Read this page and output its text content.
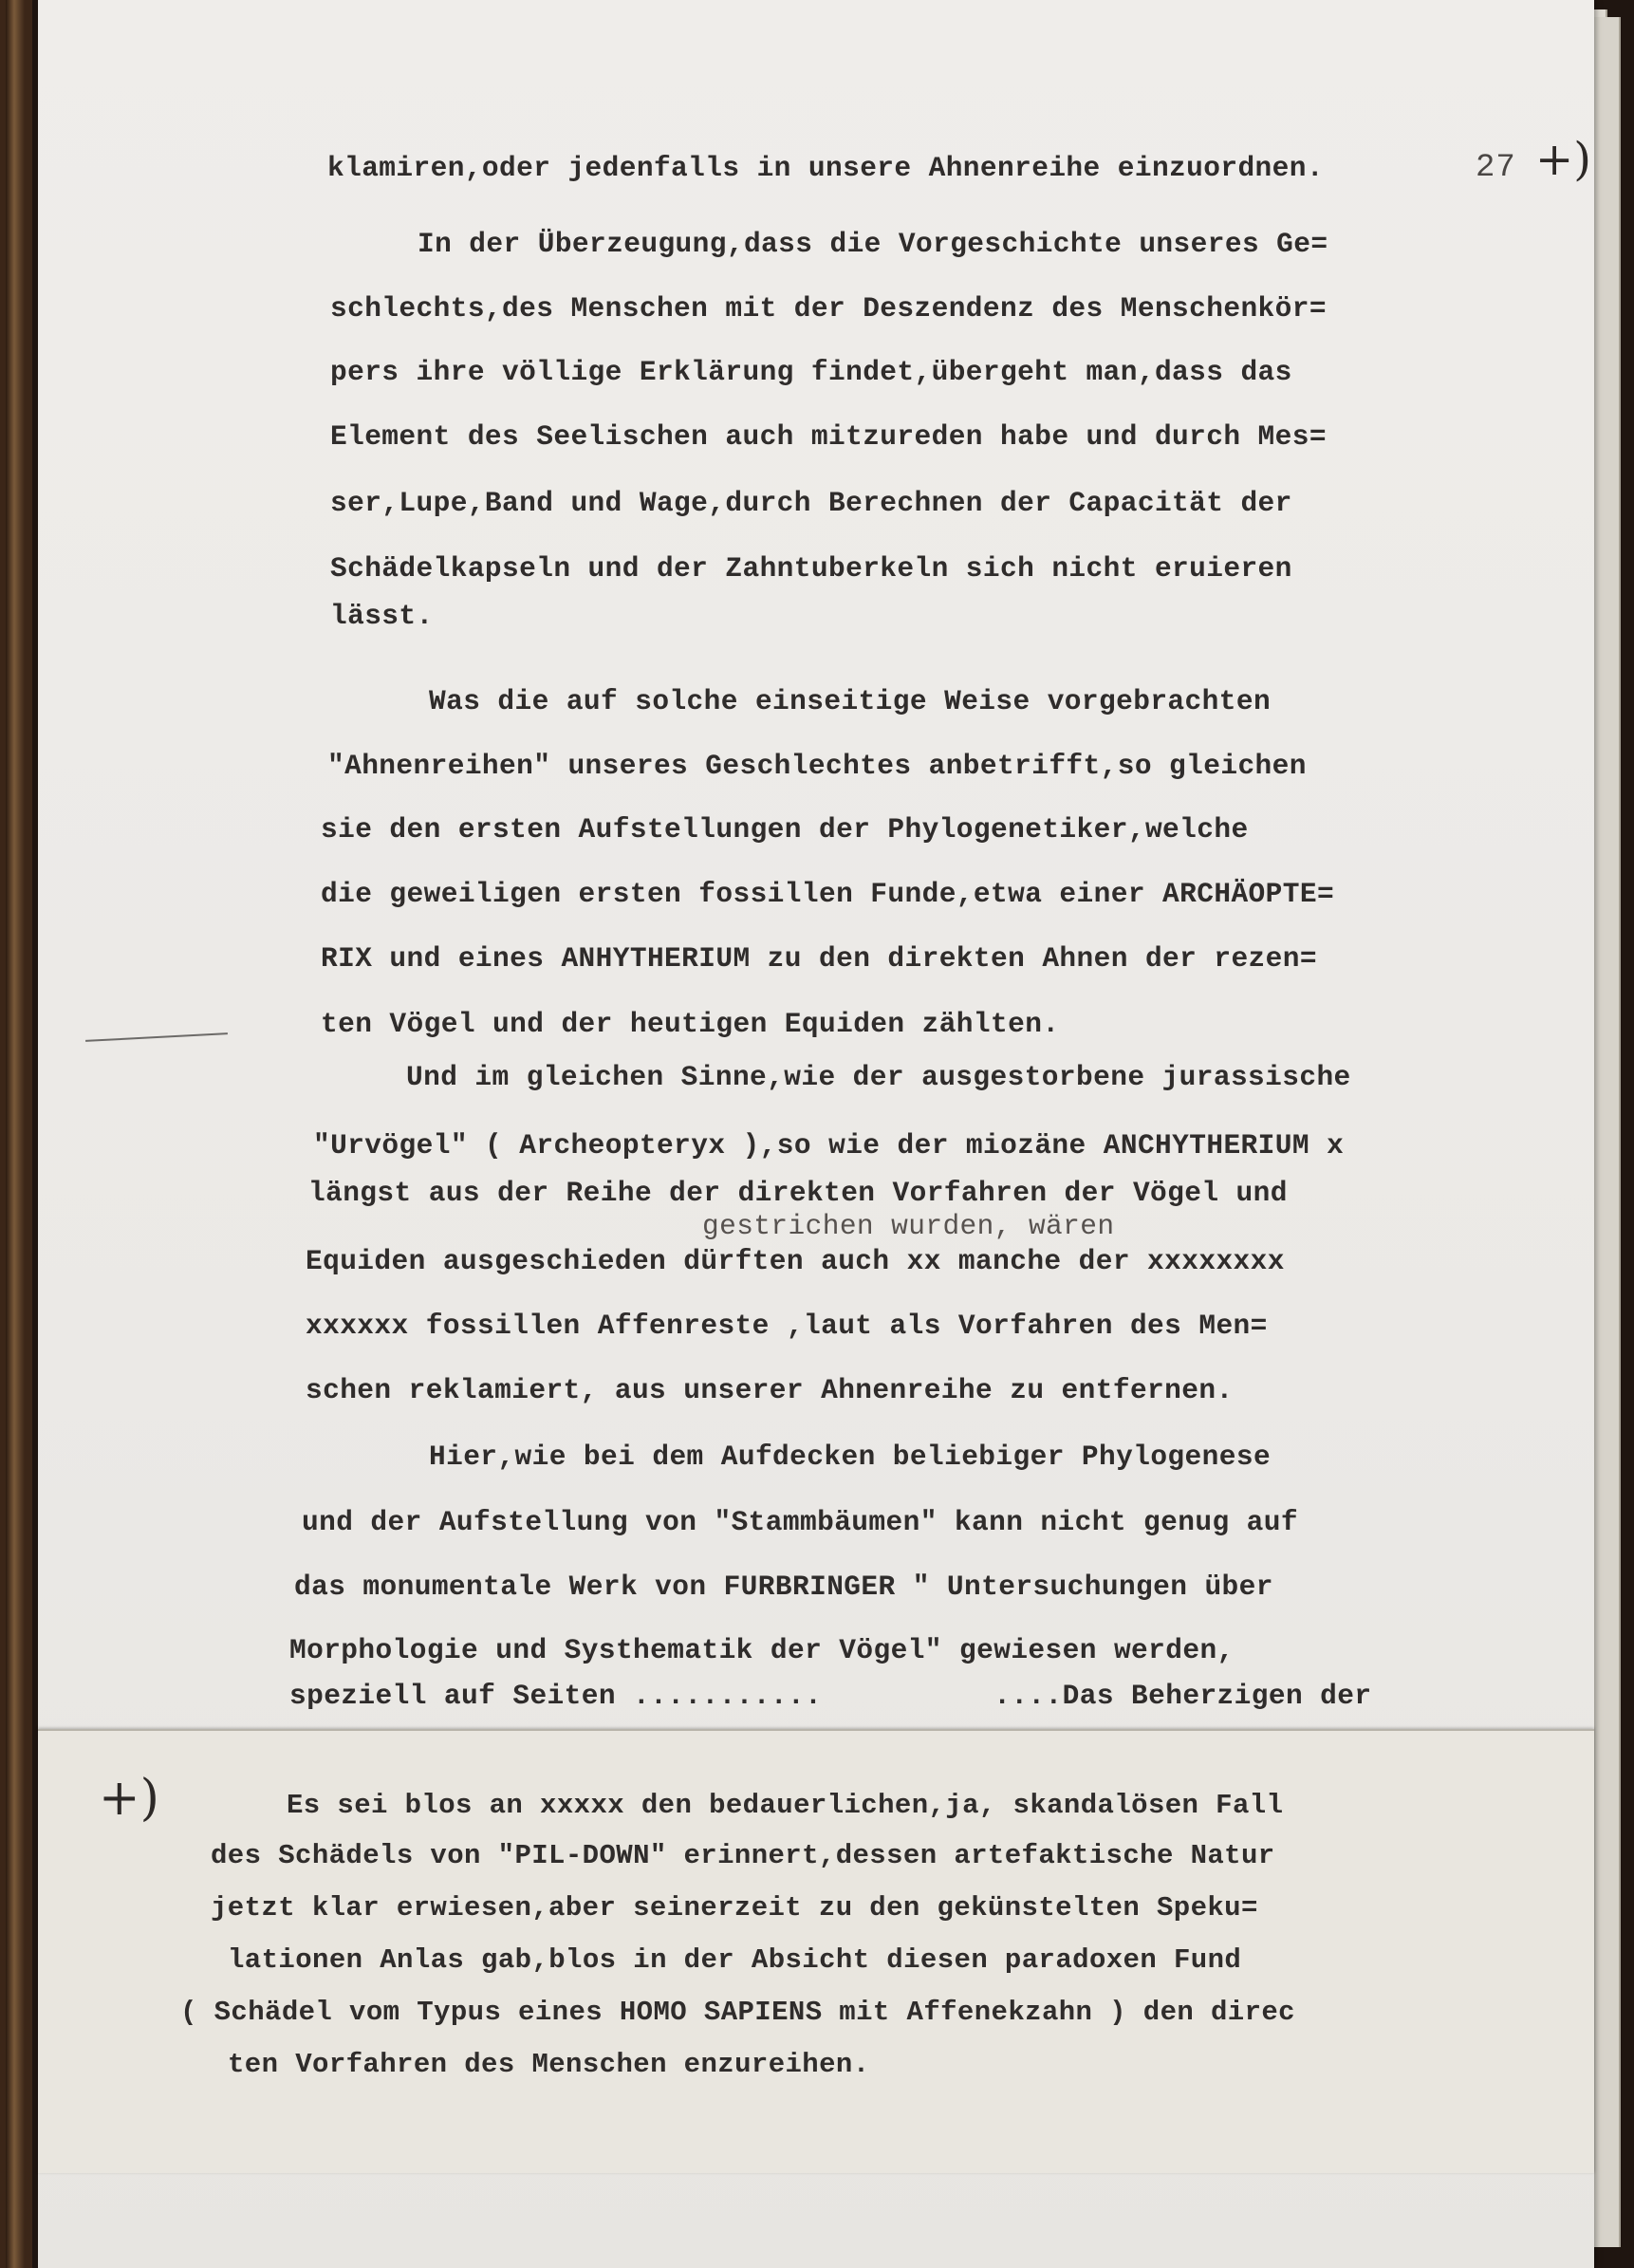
27 +)
klamiren,oder jedenfalls in unsere Ahnenreihe einzuordnen.
In der Überzeugung,dass die Vorgeschichte unseres Ge=
schlechts,des Menschen mit der Deszendenz des Menschenkör=
pers ihre völlige Erklärung findet,übergeht man,dass das
Element des Seelischen auch mitzureden habe und durch Mes=
ser,Lupe,Band und Wage,durch Berechnen der Capacität der
Schädelkapseln und der Zahntuberkeln sich nicht eruieren
lässt.
Was die auf solche einseitige Weise vorgebrachten
"Ahnenreihen" unseres Geschlechtes anbetrifft,so gleichen
sie den ersten Aufstellungen der Phylogenetiker,welche
die geweiligen ersten fossillen Funde,etwa einer ARCHÄOPTE=
RIX und eines ANHYTHERIUM zu den direkten Ahnen der rezen=
ten Vögel und der heutigen Equiden zählten.
Und im gleichen Sinne,wie der ausgestorbene jurassische
"Urvögel" ( Archeopteryx ),so wie der miozäne ANCHYTHERIUM x
längst aus der Reihe der direkten Vorfahren der Vögel und
gestrichen wurden, wären
Equiden ausgeschieden dürften auch xx manche der xxxxxxxx
xxxxxx fossillen Affenreste ,laut als Vorfahren des Men=
schen reklamiert, aus unserer Ahnenreihe zu entfernen.
Hier,wie bei dem Aufdecken beliebiger Phylogenese
und der Aufstellung von "Stammbäumen" kann nicht genug auf
das monumentale Werk von FURBRINGER " Untersuchungen über
Morphologie und Systhematik der Vögel" gewiesen werden,
speziell auf Seiten ...........          ....Das Beherzigen der
Es sei blos an xxxxx den bedauerlichen,ja, skandalösen Fall
des Schädels von "PIL-DOWN" erinnert,dessen artefaktische Natur
jetzt klar erwiesen,aber seinerzeit zu den gekünstelten Speku=
lationen Anlas gab,blos in der Absicht diesen paradoxen Fund
( Schädel vom Typus eines HOMO SAPIENS mit Affenekzahn ) den direc
ten Vorfahren des Menschen enzureihen.
+)
